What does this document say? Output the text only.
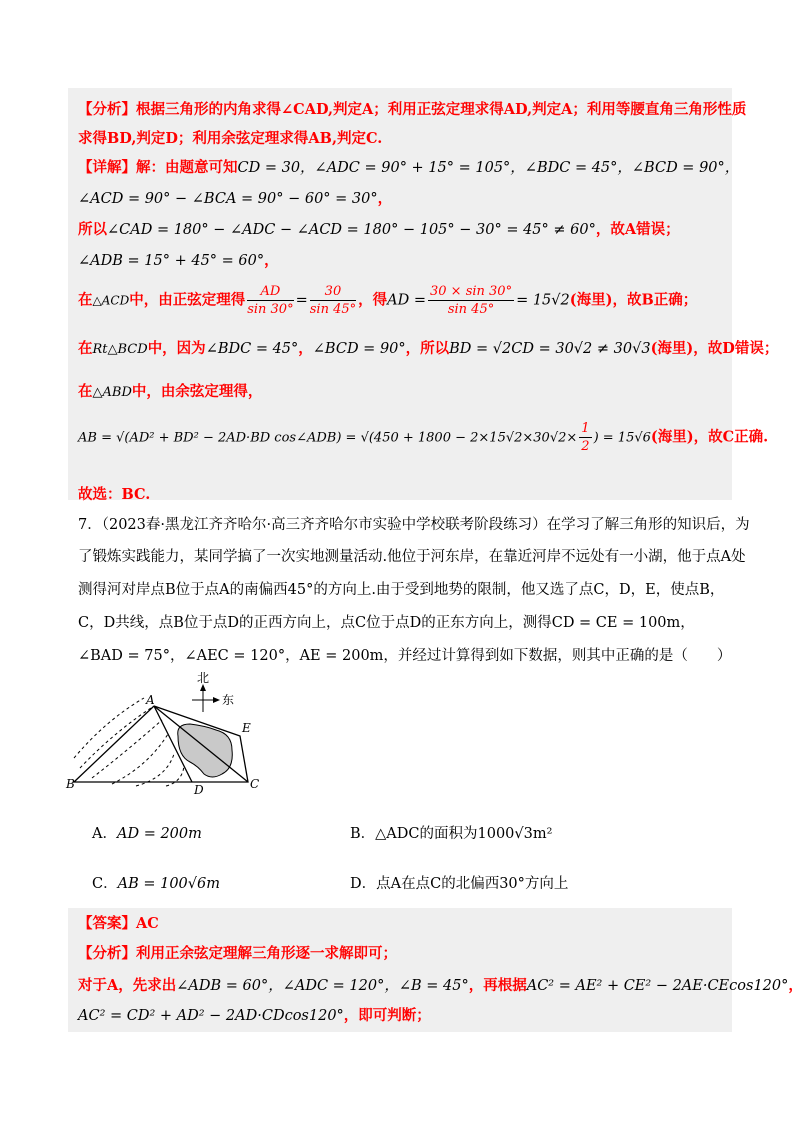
【分析】根据三角形的内角求得∠CAD,判定A；利用正弦定理求得AD,判定A；利用等腰直角三角形性质
求得BD,判定D；利用余弦定理求得AB,判定C.
【详解】解：由题意可知CD = 30，∠ADC = 90° + 15° = 105°，∠BDC = 45°，∠BCD = 90°，
∠ACD = 90° − ∠BCA = 90° − 60° = 30°，
所以∠CAD = 180° − ∠ADC − ∠ACD = 180° − 105° − 30° = 45° ≠ 60°，故A错误；
∠ADB = 15° + 45° = 60°，
在△ACD中，由正弦定理得 $\frac{AD}{\sin 30^\circ} = \frac{30}{\sin 45^\circ}$ ，得AD = $\frac{30 \times \sin 30^\circ}{\sin 45^\circ} = 15√2$(海里)，故B正确；
在Rt△BCD中，因为∠BDC = 45°，∠BCD = 90°，所以BD = √2CD = 30√2 ≠ 30√3(海里)，故D错误；
在△ABD中，由余弦定理得，
AB = √(AD² + BD² − 2AD·BD cos∠ADB) = $√(450 + 1800 - 2\times 15√2\times 30√2\times \frac{1}{2}$ ) = 15√6(海里)，故C正确.
故选：BC.
7．（2023春·黑龙江齐齐哈尔·高三齐齐哈尔市实验中学校联考阶段练习）在学习了解三角形的知识后，为
了锻炼实践能力，某同学搞了一次实地测量活动.他位于河东岸，在靠近河岸不远处有一小湖，他于点A处
测得河对岸点B位于点A的南偏西45°的方向上.由于受到地势的限制，他又选了点C，D，E，使点B，
C，D共线，点B位于点D的正西方向上，点C位于点D的正东方向上，测得CD = CE = 100m，
∠BAD = 75°，∠AEC = 120°，AE = 200m，并经过计算得到如下数据，则其中正确的是（　　）
北
东
A
B	C
D
E
A．AD = 200m	B．△ADC的面积为1000√3m²
C．AB = 100√6m	D．点A在点C的北偏西30°方向上
【答案】AC
【分析】利用正余弦定理解三角形逐一求解即可；
对于A，先求出∠ADB = 60°，∠ADC = 120°，∠B = 45°，再根据AC² = AE² + CE² − 2AE·CEcos120°，
AC² = CD² + AD² − 2AD·CDcos120°，即可判断；
